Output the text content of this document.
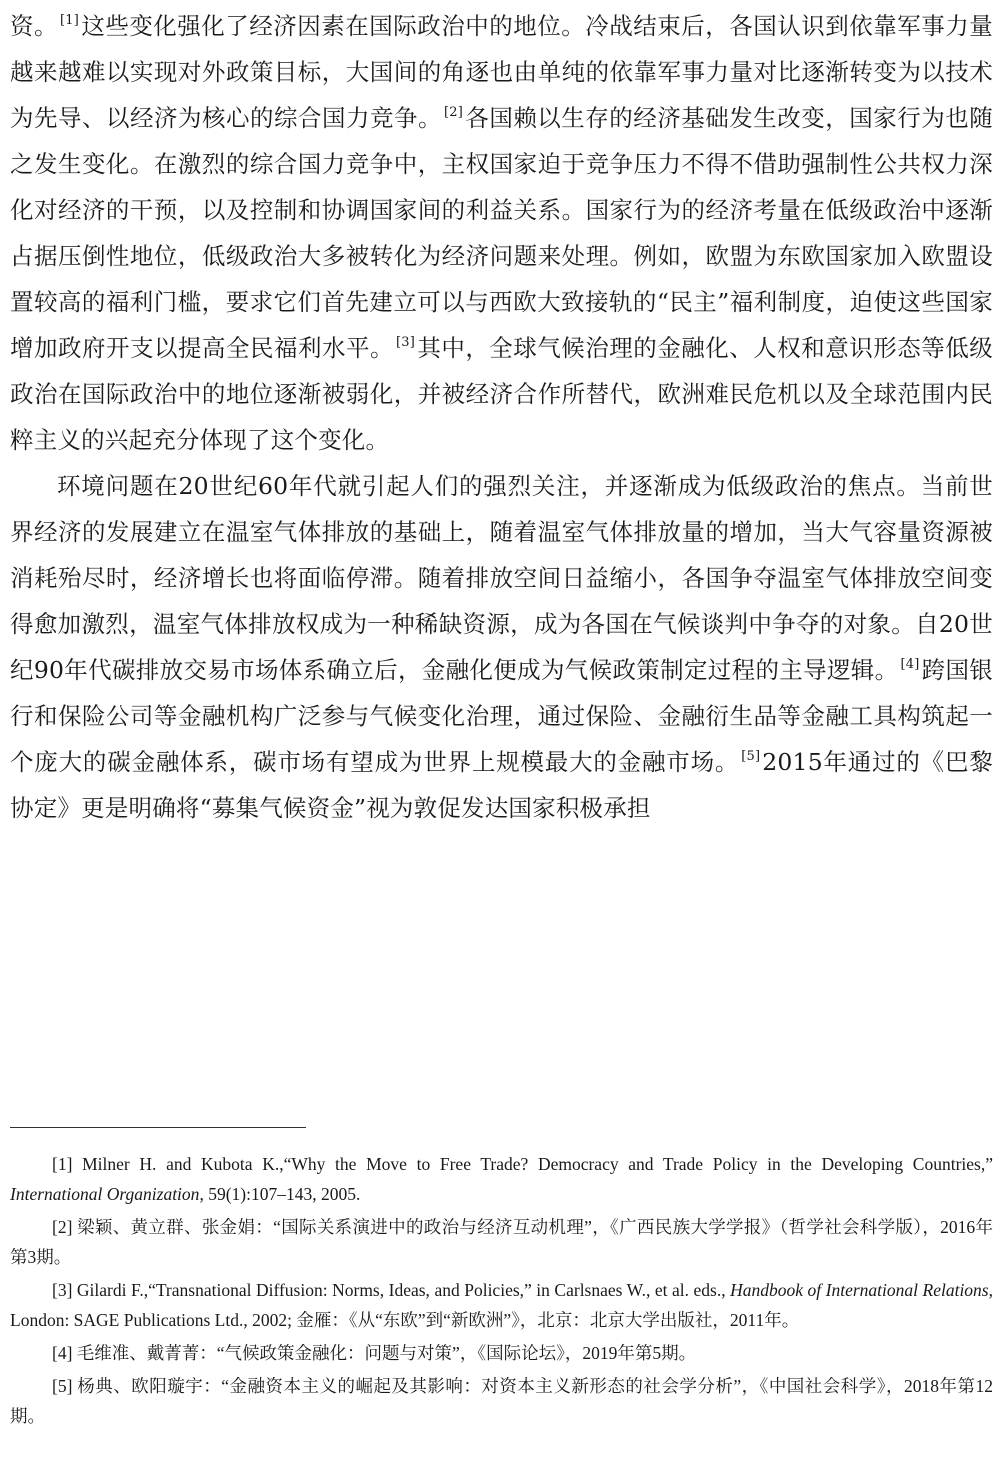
资。 [1]这些变化强化了经济因素在国际政治中的地位。冷战结束后，各国认识到依靠军事力量越来越难以实现对外政策目标，大国间的角逐也由单纯的依靠军事力量对比逐渐转变为以技术为先导、以经济为核心的综合国力竞争。 [2]各国赖以生存的经济基础发生改变，国家行为也随之发生变化。在激烈的综合国力竞争中，主权国家迫于竞争压力不得不借助强制性公共权力深化对经济的干预，以及控制和协调国家间的利益关系。国家行为的经济考量在低级政治中逐渐占据压倒性地位，低级政治大多被转化为经济问题来处理。例如，欧盟为东欧国家加入欧盟设置较高的福利门槛，要求它们首先建立可以与西欧大致接轨的“民主”福利制度，迫使这些国家增加政府开支以提高全民福利水平。 [3]其中，全球气候治理的金融化、人权和意识形态等低级政治在国际政治中的地位逐渐被弱化，并被经济合作所替代，欧洲难民危机以及全球范围内民粹主义的兴起充分体现了这个变化。

环境问题在20世纪60年代就引起人们的强烈关注，并逐渐成为低级政治的焦点。当前世界经济的发展建立在温室气体排放的基础上，随着温室气体排放量的增加，当大气容量资源被消耗殆尽时，经济增长也将面临停滞。随着排放空间日益缩小，各国争夺温室气体排放空间变得愈加激烈，温室气体排放权成为一种稀缺资源，成为各国在气候谈判中争夺的对象。自20世纪90年代碳排放交易市场体系确立后，金融化便成为气候政策制定过程的主导逻辑。 [4]跨国银行和保险公司等金融机构广泛参与气候变化治理，通过保险、金融衍生品等金融工具构筑起一个庞大的碳金融体系，碳市场有望成为世界上规模最大的金融市场。 [5]2015年通过的《巴黎协定》更是明确将“募集气候资金”视为敦促发达国家积极承担

[1] Milner H. and Kubota K.,“Why the Move to Free Trade? Democracy and Trade Policy in the Developing Countries,” International Organization, 59(1):107–143, 2005.

[2] 梁颖、黄立群、张金娟：“国际关系演进中的政治与经济互动机理”，《广西民族大学学报》（哲学社会科学版），2016年第3期。

[3] Gilardi F.,“Transnational Diffusion: Norms, Ideas, and Policies,” in Carlsnaes W., et al. eds., Handbook of International Relations, London: SAGE Publications Ltd., 2002; 金雁：《从“东欧”到“新欧洲”》，北京：北京大学出版社，2011年。

[4] 毛维准、戴菁菁：“气候政策金融化：问题与对策”，《国际论坛》，2019年第5期。

[5] 杨典、欧阳璇宇：“金融资本主义的崛起及其影响：对资本主义新形态的社会学分析”，《中国社会科学》，2018年第12期。
